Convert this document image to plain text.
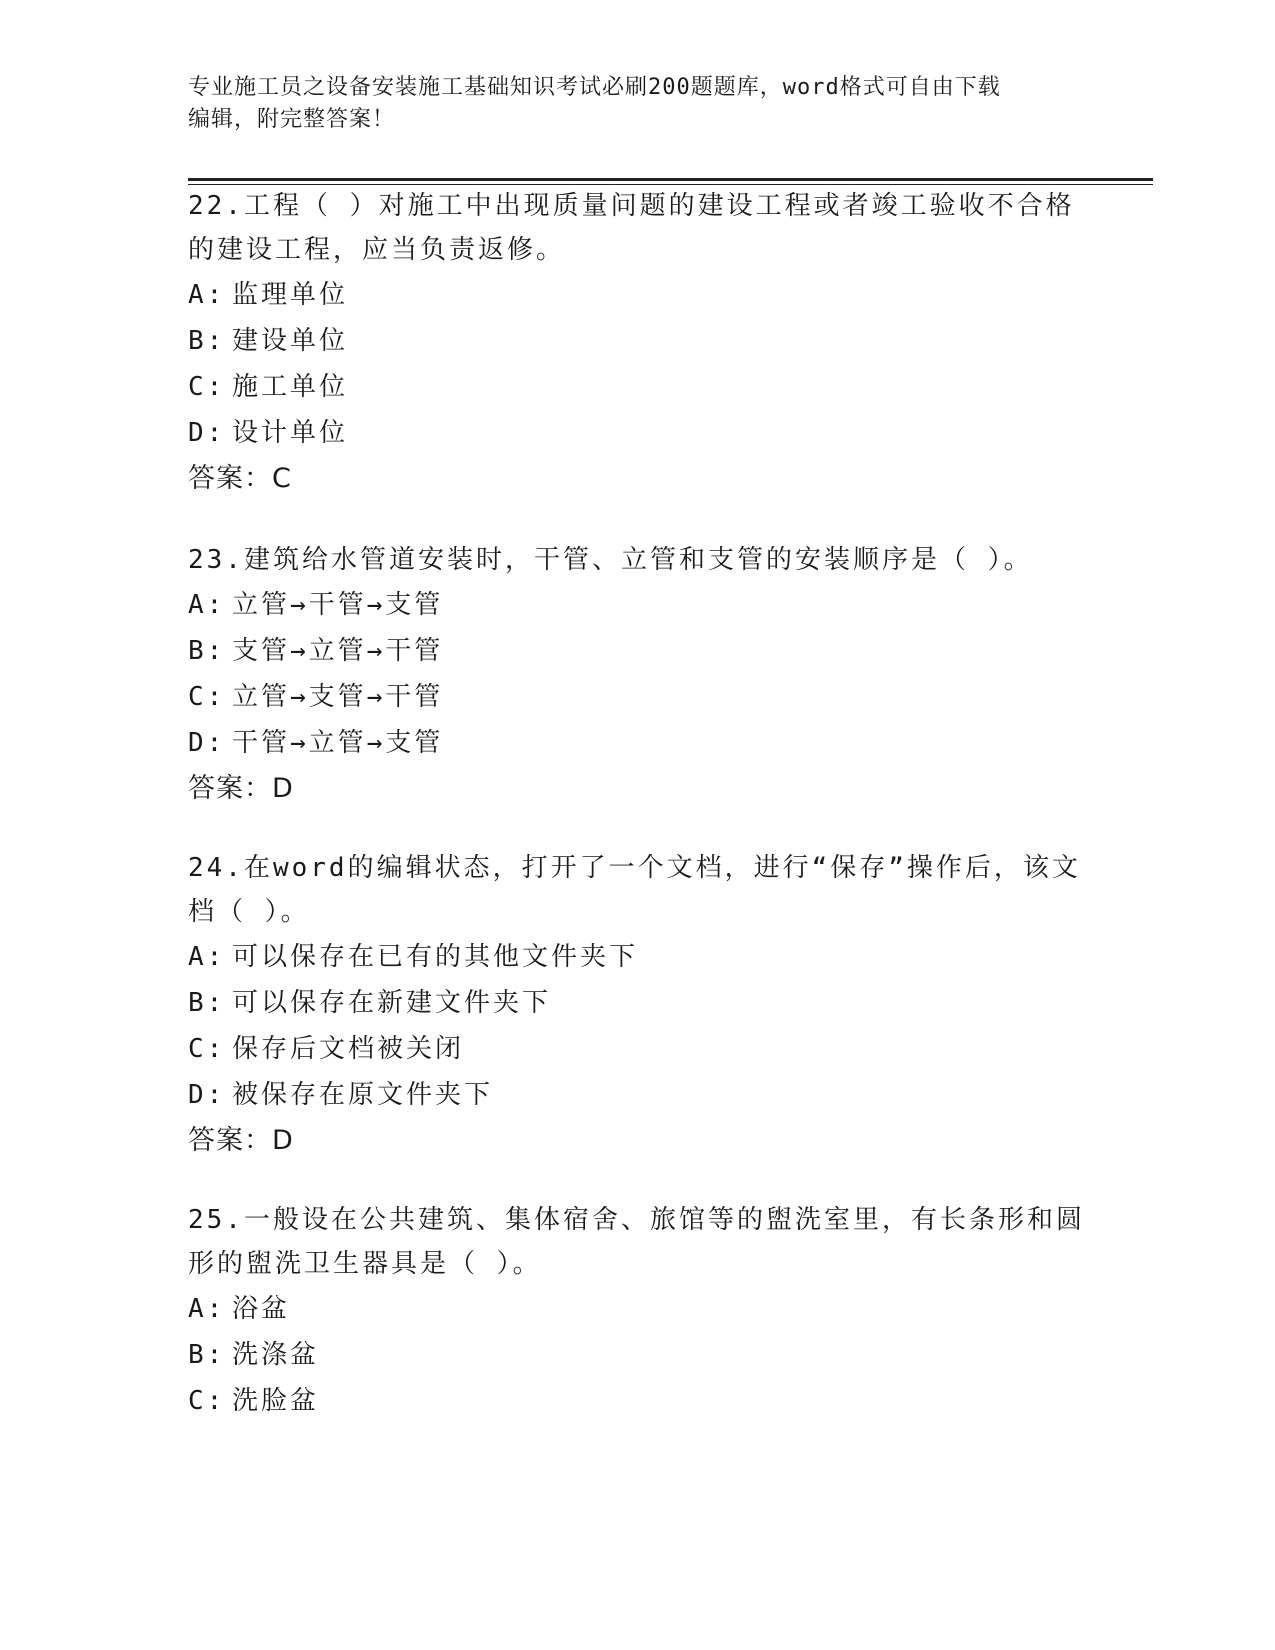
专业施工员之设备安装施工基础知识考试必刷200题题库，word格式可自由下载
编辑，附完整答案！

22.工程（ ）对施工中出现质量问题的建设工程或者竣工验收不合格的建设工程，应当负责返修。

A: 监理单位

B: 建设单位

C: 施工单位

D: 设计单位

答案：C

23.建筑给水管道安装时，干管、立管和支管的安装顺序是（ ）。

A: 立管→干管→支管

B: 支管→立管→干管

C: 立管→支管→干管

D: 干管→立管→支管

答案：D

24.在word的编辑状态，打开了一个文档，进行“保存”操作后，该文档（ ）。

A: 可以保存在已有的其他文件夹下

B: 可以保存在新建文件夹下

C: 保存后文档被关闭

D: 被保存在原文件夹下

答案：D

25.一般设在公共建筑、集体宿舍、旅馆等的盥洗室里，有长条形和圆形的盥洗卫生器具是（ ）。

A: 浴盆

B: 洗涤盆

C: 洗脸盆
